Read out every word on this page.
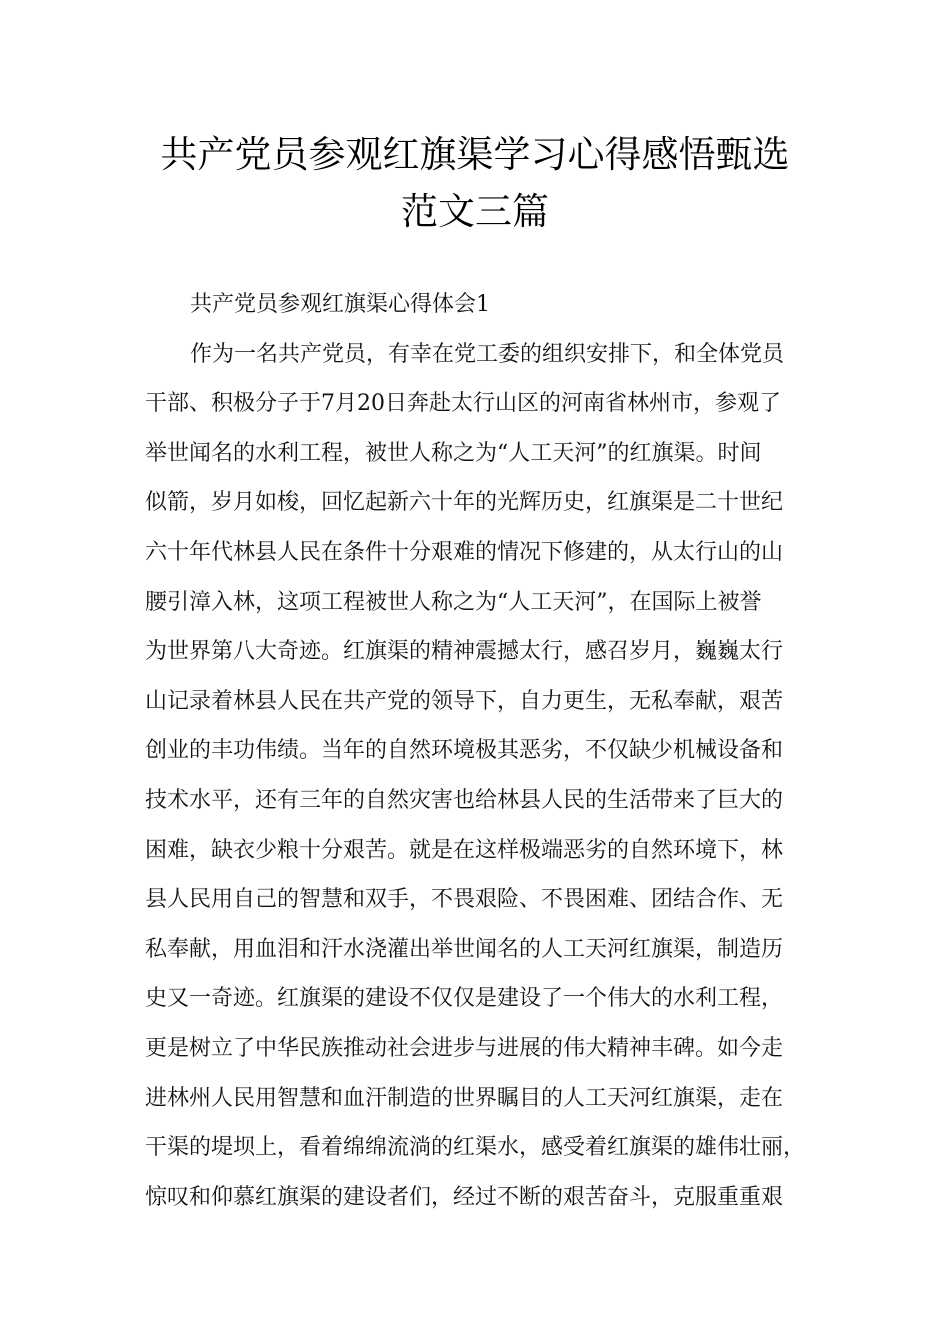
共产党员参观红旗渠学习心得感悟甄选
范文三篇
共产党员参观红旗渠心得体会1
作为一名共产党员，有幸在党工委的组织安排下，和全体党员
干部、积极分子于7月20日奔赴太行山区的河南省林州市，参观了
举世闻名的水利工程，被世人称之为“人工天河”的红旗渠。时间
似箭，岁月如梭，回忆起新六十年的光辉历史，红旗渠是二十世纪
六十年代林县人民在条件十分艰难的情况下修建的，从太行山的山
腰引漳入林，这项工程被世人称之为“人工天河”，在国际上被誉
为世界第八大奇迹。红旗渠的精神震撼太行，感召岁月，巍巍太行
山记录着林县人民在共产党的领导下，自力更生，无私奉献，艰苦
创业的丰功伟绩。当年的自然环境极其恶劣，不仅缺少机械设备和
技术水平，还有三年的自然灾害也给林县人民的生活带来了巨大的
困难，缺衣少粮十分艰苦。就是在这样极端恶劣的自然环境下，林
县人民用自己的智慧和双手，不畏艰险、不畏困难、团结合作、无
私奉献，用血泪和汗水浇灌出举世闻名的人工天河红旗渠，制造历
史又一奇迹。红旗渠的建设不仅仅是建设了一个伟大的水利工程，
更是树立了中华民族推动社会进步与进展的伟大精神丰碑。如今走
进林州人民用智慧和血汗制造的世界瞩目的人工天河红旗渠，走在
干渠的堤坝上，看着绵绵流淌的红渠水，感受着红旗渠的雄伟壮丽，
惊叹和仰慕红旗渠的建设者们，经过不断的艰苦奋斗，克服重重艰
